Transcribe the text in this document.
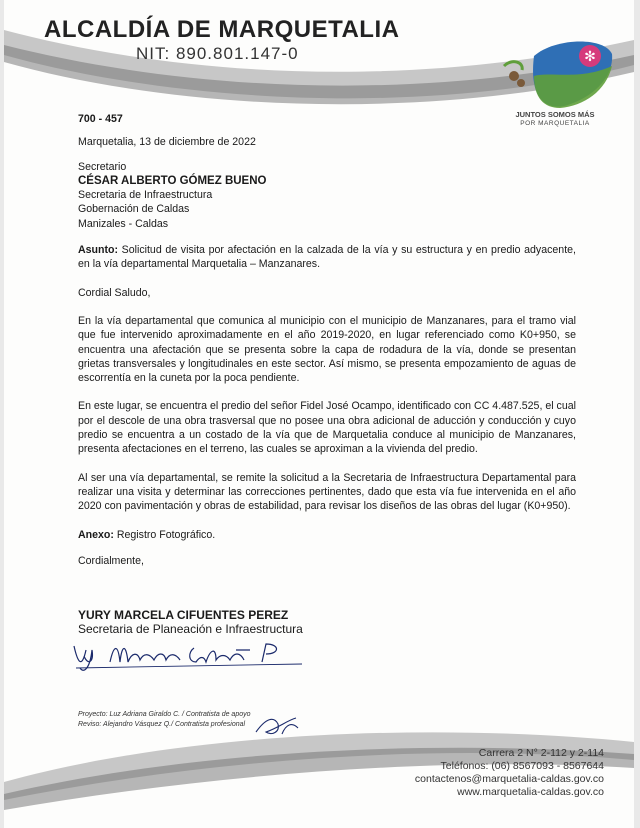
ALCALDÍA DE MARQUETALIA
NIT: 890.801.147-0	✻
JUNTOS SOMOS MÁS
POR MARQUETALIA
700 - 457
Marquetalia, 13 de diciembre de 2022
Secretario
CÉSAR ALBERTO GÓMEZ BUENO
Secretaria de Infraestructura
Gobernación de Caldas
Manizales - Caldas
Asunto: Solicitud de visita por afectación en la calzada de la vía y su estructura y en predio adyacente, en la vía departamental Marquetalia – Manzanares.
Cordial Saludo,
En la vía departamental que comunica al municipio con el municipio de Manzanares, para el tramo vial que fue intervenido aproximadamente en el año 2019-2020, en lugar referenciado como K0+950, se encuentra una afectación que se presenta sobre la capa de rodadura de la vía, donde se presentan grietas transversales y longitudinales en este sector. Así mismo, se presenta empozamiento de aguas de escorrentía en la cuneta por la poca pendiente.
En este lugar, se encuentra el predio del señor Fidel José Ocampo, identificado con CC 4.487.525, el cual por el descole de una obra trasversal que no posee una obra adicional de aducción y conducción y cuyo predio se encuentra a un costado de la vía que de Marquetalia conduce al municipio de Manzanares, presenta afectaciones en el terreno, las cuales se aproximan a la vivienda del predio.
Al ser una vía departamental, se remite la solicitud a la Secretaria de Infraestructura Departamental para realizar una visita y determinar las correcciones pertinentes, dado que esta vía fue intervenida en el año 2020 con pavimentación y obras de estabilidad, para revisar los diseños de las obras del lugar (K0+950).
Anexo: Registro Fotográfico.
Cordialmente,
YURY MARCELA CIFUENTES PEREZ
Secretaria de Planeación e Infraestructura
Proyecto: Luz Adriana Giraldo C. / Contratista de apoyo
Reviso: Alejandro Vásquez Q./ Contratista profesional
Carrera 2 N° 2-112 y 2-114
Teléfonos: (06) 8567093 - 8567644
contactenos@marquetalia-caldas.gov.co
www.marquetalia-caldas.gov.co
